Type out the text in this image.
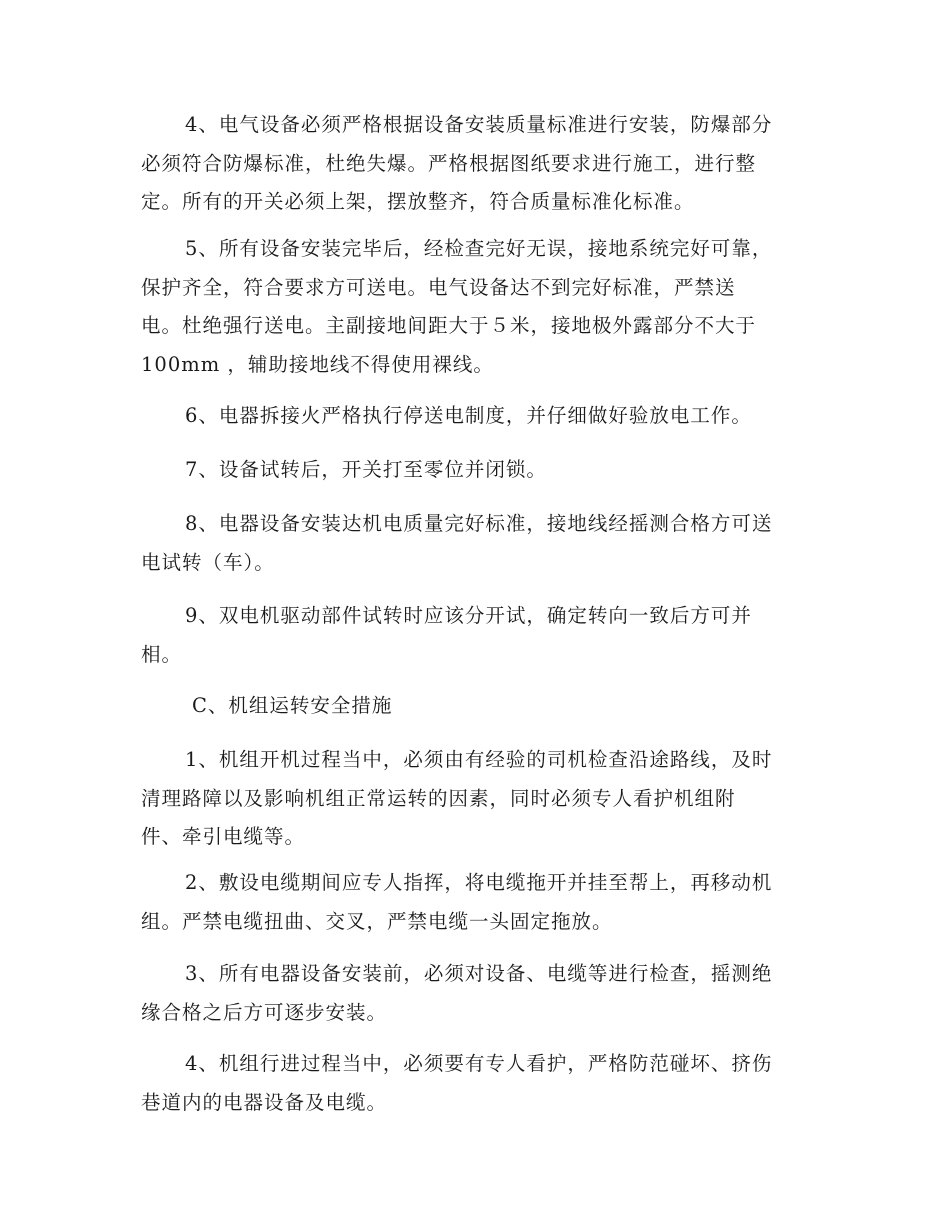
4、电气设备必须严格根据设备安装质量标准进行安装，防爆部分
必须符合防爆标准，杜绝失爆。严格根据图纸要求进行施工，进行整
定。所有的开关必须上架，摆放整齐，符合质量标准化标准。

5、所有设备安装完毕后，经检查完好无误，接地系统完好可靠，
保护齐全，符合要求方可送电。电气设备达不到完好标准，严禁送
电。杜绝强行送电。主副接地间距大于５米，接地极外露部分不大于
100mm ，辅助接地线不得使用裸线。

6、电器拆接火严格执行停送电制度，并仔细做好验放电工作。

7、设备试转后，开关打至零位并闭锁。

8、电器设备安装达机电质量完好标准，接地线经摇测合格方可送
电试转（车）。

9、双电机驱动部件试转时应该分开试，确定转向一致后方可并
相。

C、机组运转安全措施

1、机组开机过程当中，必须由有经验的司机检查沿途路线，及时
清理路障以及影响机组正常运转的因素，同时必须专人看护机组附
件、牵引电缆等。

2、敷设电缆期间应专人指挥，将电缆拖开并挂至帮上，再移动机
组。严禁电缆扭曲、交叉，严禁电缆一头固定拖放。

3、所有电器设备安装前，必须对设备、电缆等进行检查，摇测绝
缘合格之后方可逐步安装。

4、机组行进过程当中，必须要有专人看护，严格防范碰坏、挤伤
巷道内的电器设备及电缆。
